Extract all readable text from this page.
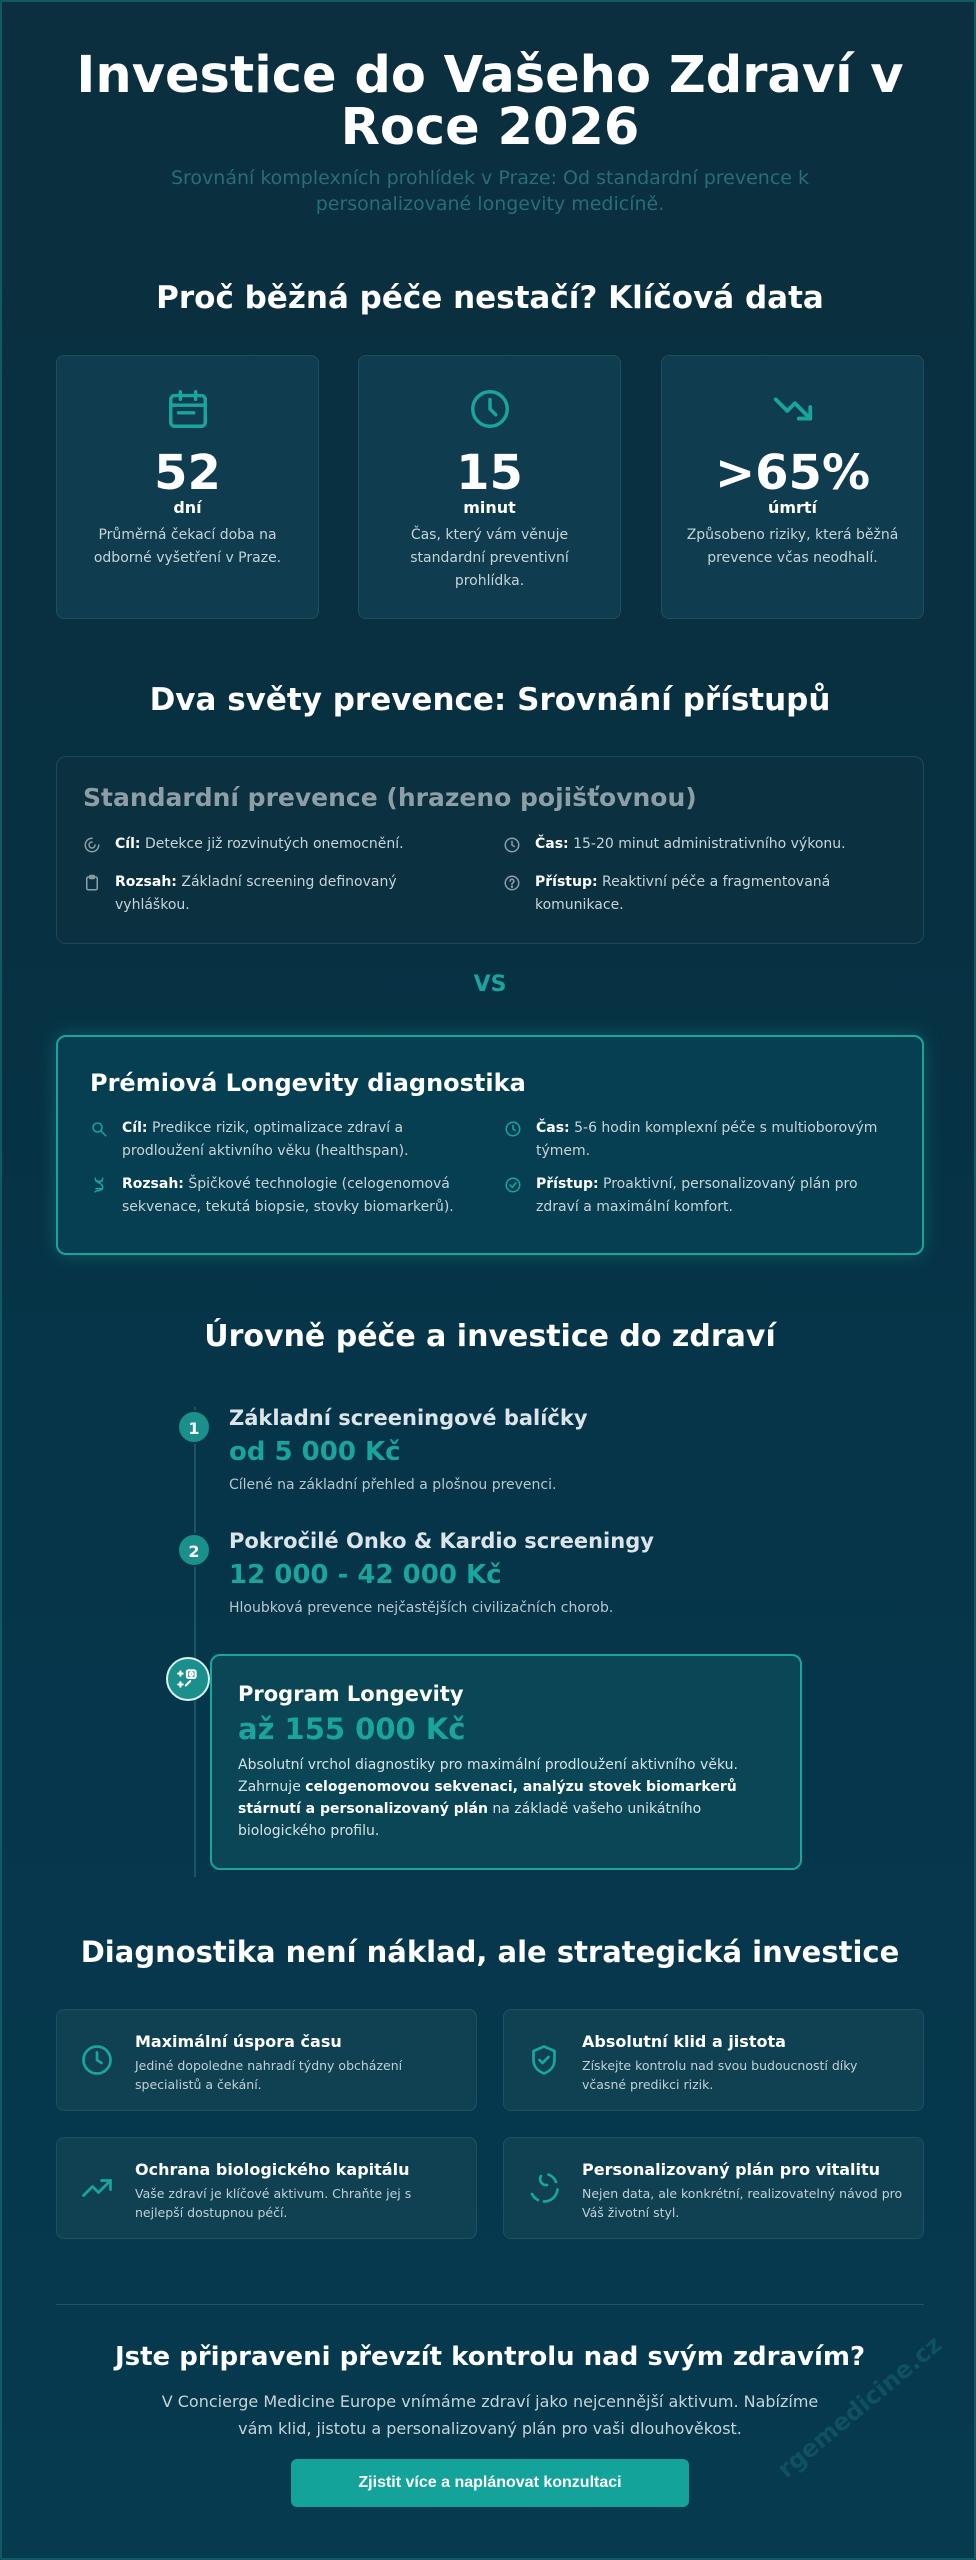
Investice do Vašeho Zdraví v Roce 2026

Srovnání komplexních prohlídek v Praze: Od standardní prevence k personalizované longevity medicíně.

Proč běžná péče nestačí? Klíčová data
52
dní
Průměrná čekací doba na odborné vyšetření v Praze.
15
minut
Čas, který vám věnuje standardní preventivní prohlídka.
>65%
úmrtí
Způsobeno riziky, která běžná prevence včas neodhalí.
Dva světy prevence: Srovnání přístupů
Standardní prevence (hrazeno pojišťovnou)
Cíl: Detekce již rozvinutých onemocnění.	Čas: 15-20 minut administrativního výkonu.
Rozsah: Základní screening definovaný vyhláškou.
Přístup: Reaktivní péče a fragmentovaná komunikace.
VS
Prémiová Longevity diagnostika
Cíl: Predikce rizik, optimalizace zdraví a prodloužení aktivního věku (healthspan).
Čas: 5-6 hodin komplexní péče s multioborovým týmem.
Rozsah: Špičkové technologie (celogenomová sekvenace, tekutá biopsie, stovky biomarkerů).
Přístup: Proaktivní, personalizovaný plán pro zdraví a maximální komfort.
Úrovně péče a investice do zdraví
1	Základní screeningové balíčky
od 5 000 Kč
Cílené na základní přehled a plošnou prevenci.
2	Pokročilé Onko & Kardio screeningy
12 000 - 42 000 Kč
Hloubková prevence nejčastějších civilizačních chorob.
Program Longevity
až 155 000 Kč
Absolutní vrchol diagnostiky pro maximální prodloužení aktivního věku. Zahrnuje celogenomovou sekvenaci, analýzu stovek biomarkerů stárnutí a personalizovaný plán na základě vašeho unikátního biologického profilu.
Diagnostika není náklad, ale strategická investice
Maximální úspora času
Jediné dopoledne nahradí týdny obcházení specialistů a čekání.
Absolutní klid a jistota
Získejte kontrolu nad svou budoucností díky včasné predikci rizik.
Ochrana biologického kapitálu
Vaše zdraví je klíčové aktivum. Chraňte jej s nejlepší dostupnou péčí.
Personalizovaný plán pro vitalitu
Nejen data, ale konkrétní, realizovatelný návod pro Váš životní styl.
Jste připraveni převzít kontrolu nad svým zdravím?

V Concierge Medicine Europe vnímáme zdraví jako nejcennější aktivum. Nabízíme vám klid, jistotu a personalizovaný plán pro vaši dlouhověkost.

Zjistit více a naplánovat konzultaci	rgemedicine.cz
